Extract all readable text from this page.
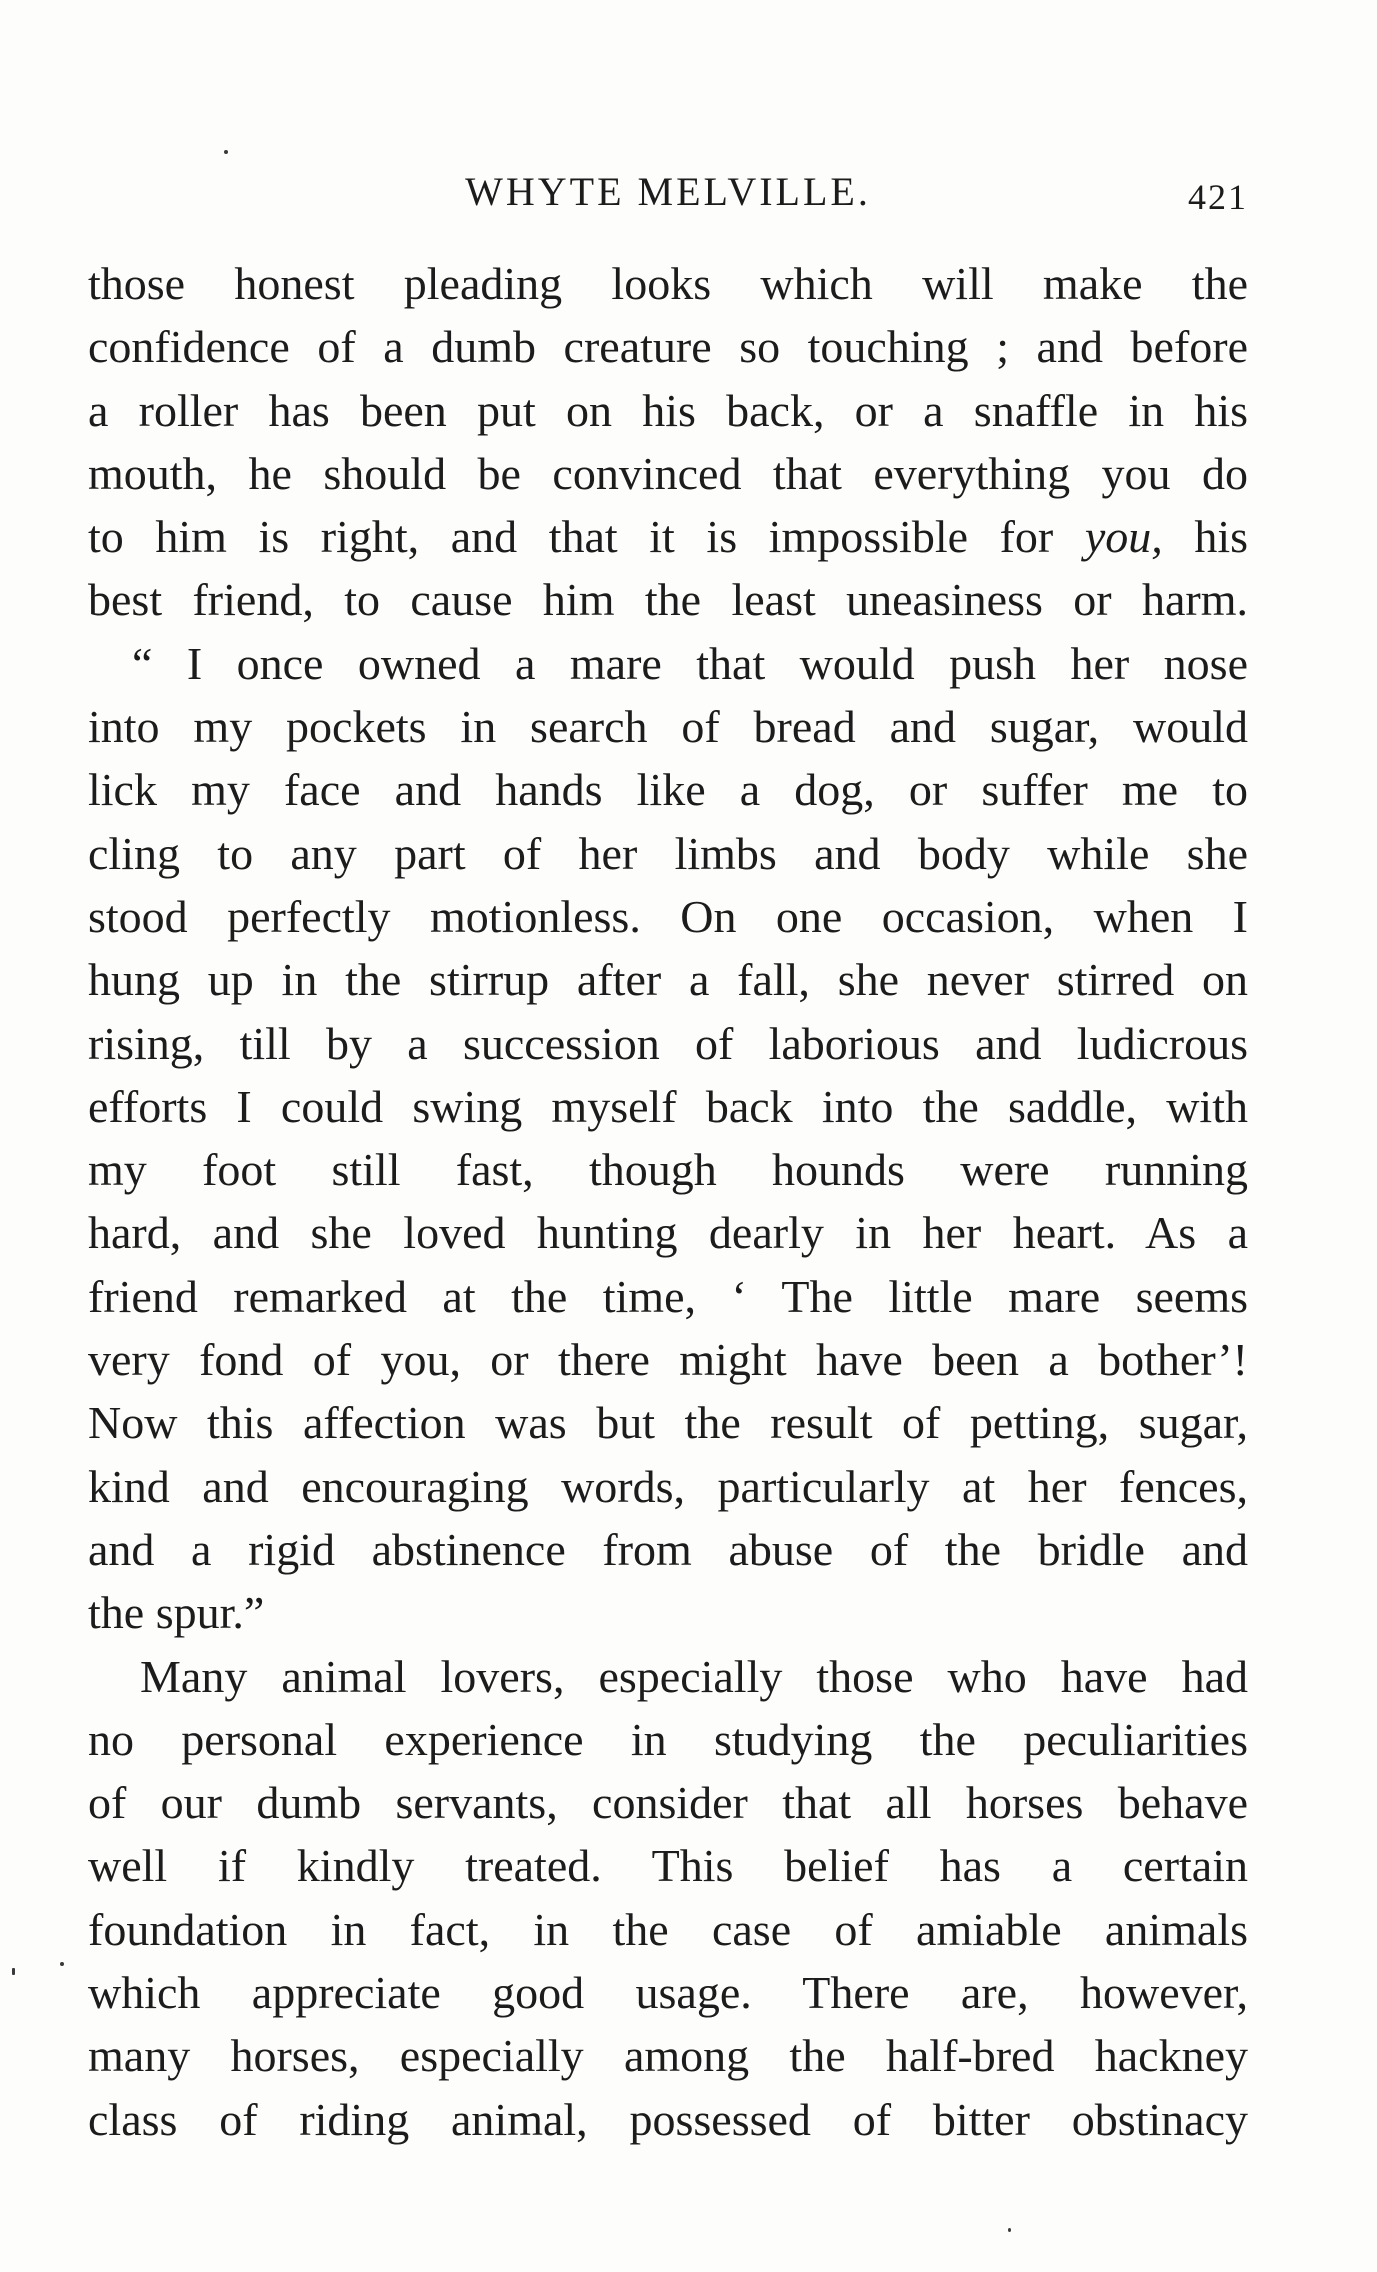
WHYTE MELVILLE.	421
those honest pleading looks which will make the
confidence of a dumb creature so touching ; and before
a roller has been put on his back, or a snaffle in his
mouth, he should be convinced that everything you do
to him is right, and that it is impossible for you, his
best friend, to cause him the least uneasiness or harm.
“ I once owned a mare that would push her nose
into my pockets in search of bread and sugar, would
lick my face and hands like a dog, or suffer me to
cling to any part of her limbs and body while she
stood perfectly motionless. On one occasion, when I
hung up in the stirrup after a fall, she never stirred on
rising, till by a succession of laborious and ludicrous
efforts I could swing myself back into the saddle, with
my foot still fast, though hounds were running
hard, and she loved hunting dearly in her heart. As a
friend remarked at the time, ‘ The little mare seems
very fond of you, or there might have been a bother’!
Now this affection was but the result of petting, sugar,
kind and encouraging words, particularly at her fences,
and a rigid abstinence from abuse of the bridle and
the spur.”
Many animal lovers, especially those who have had
no personal experience in studying the peculiarities
of our dumb servants, consider that all horses behave
well if kindly treated. This belief has a certain
foundation in fact, in the case of amiable animals
which appreciate good usage. There are, however,
many horses, especially among the half-bred hackney
class of riding animal, possessed of bitter obstinacy
